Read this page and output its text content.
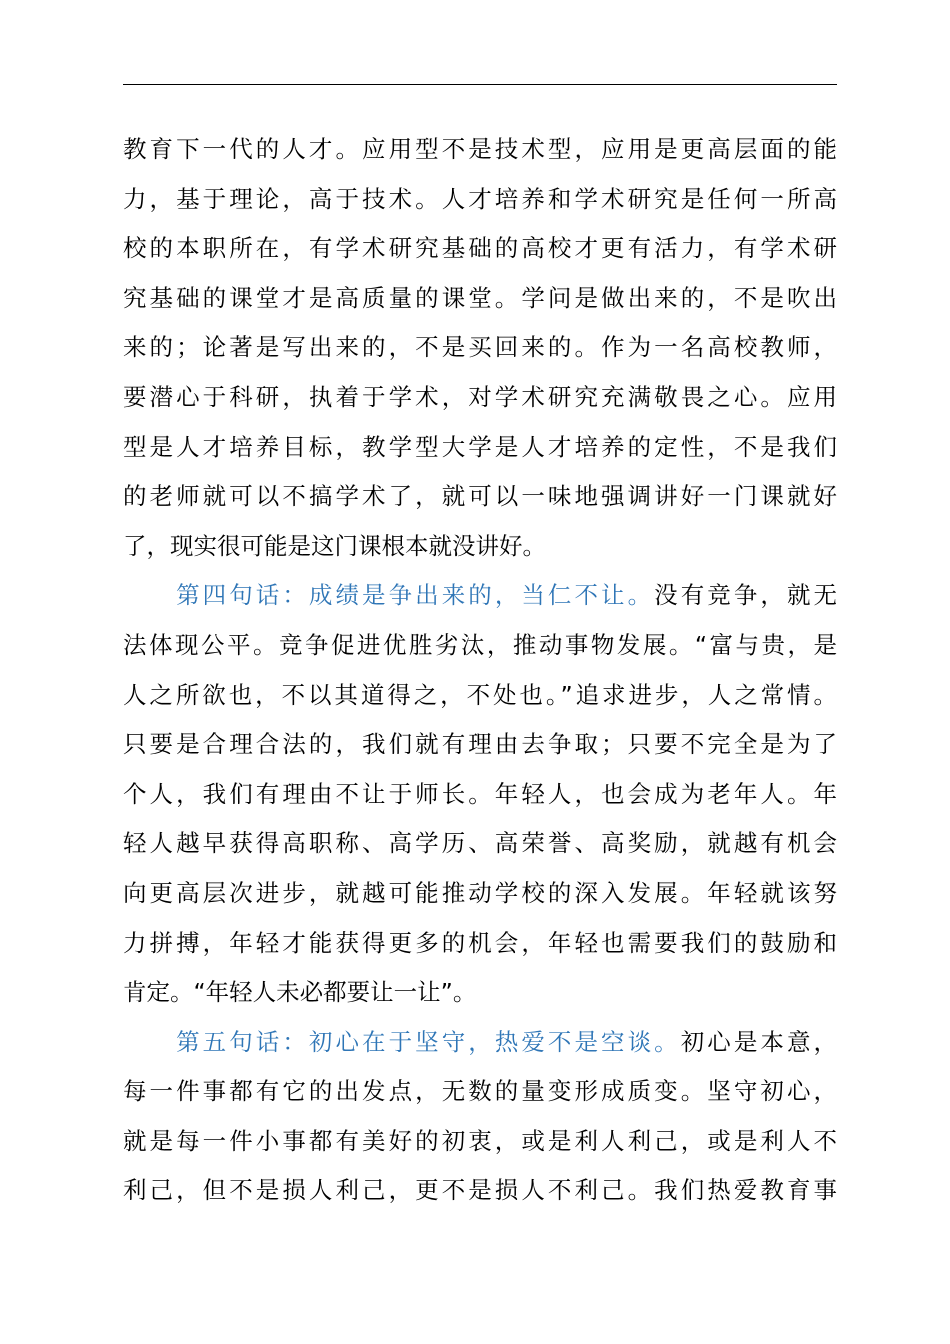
教育下一代的人才。应用型不是技术型，应用是更高层面的能
力，基于理论，高于技术。人才培养和学术研究是任何一所高
校的本职所在，有学术研究基础的高校才更有活力，有学术研
究基础的课堂才是高质量的课堂。学问是做出来的，不是吹出
来的；论著是写出来的，不是买回来的。作为一名高校教师，
要潜心于科研，执着于学术，对学术研究充满敬畏之心。应用
型是人才培养目标，教学型大学是人才培养的定性，不是我们
的老师就可以不搞学术了，就可以一味地强调讲好一门课就好
了，现实很可能是这门课根本就没讲好。
　　第四句话：成绩是争出来的，当仁不让。没有竞争，就无
法体现公平。竞争促进优胜劣汰，推动事物发展。“富与贵，是
人之所欲也，不以其道得之，不处也。”追求进步，人之常情。
只要是合理合法的，我们就有理由去争取；只要不完全是为了
个人，我们有理由不让于师长。年轻人，也会成为老年人。年
轻人越早获得高职称、高学历、高荣誉、高奖励，就越有机会
向更高层次进步，就越可能推动学校的深入发展。年轻就该努
力拼搏，年轻才能获得更多的机会，年轻也需要我们的鼓励和
肯定。“年轻人未必都要让一让”。
　　第五句话：初心在于坚守，热爱不是空谈。初心是本意，
每一件事都有它的出发点，无数的量变形成质变。坚守初心，
就是每一件小事都有美好的初衷，或是利人利己，或是利人不
利己，但不是损人利己，更不是损人不利己。我们热爱教育事
